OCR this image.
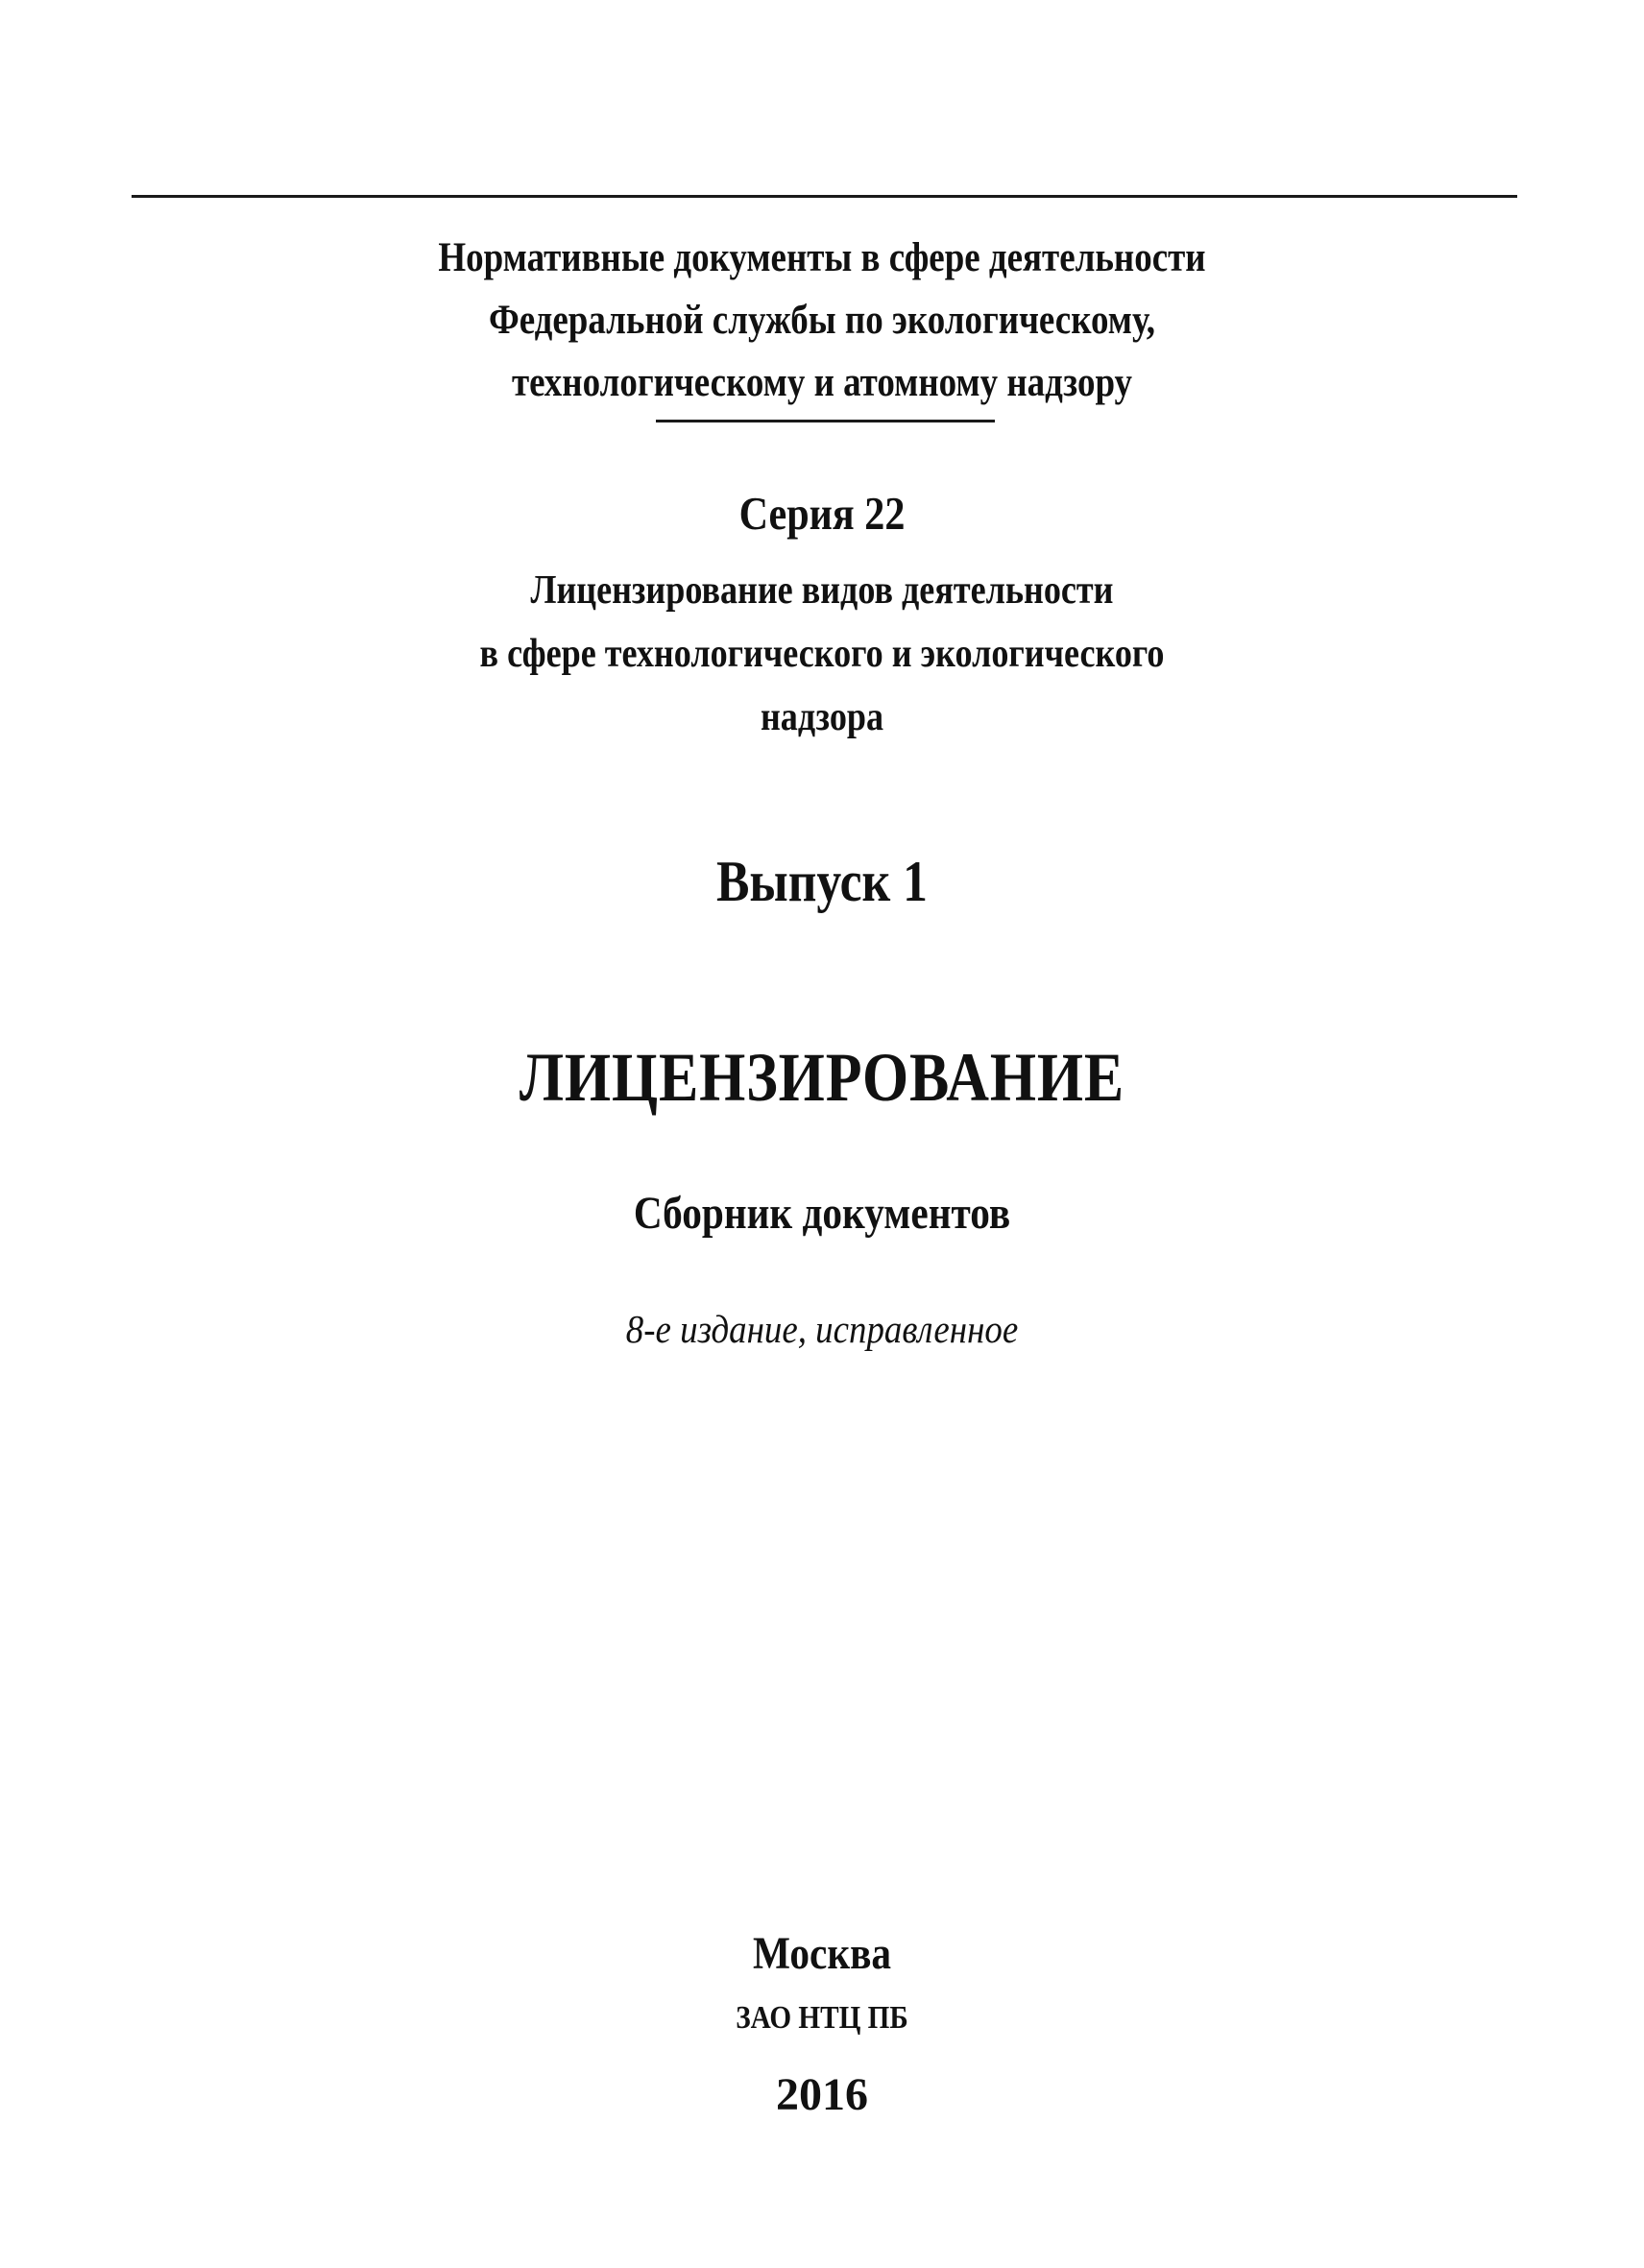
Нормативные документы в сфере деятельности
Федеральной службы по экологическому,
технологическому и атомному надзору
Серия 22
Лицензирование видов деятельности
в сфере технологического и экологического
надзора
Выпуск 1
ЛИЦЕНЗИРОВАНИЕ
Сборник документов
8-е издание, исправленное
Москва
ЗАО НТЦ ПБ
2016
